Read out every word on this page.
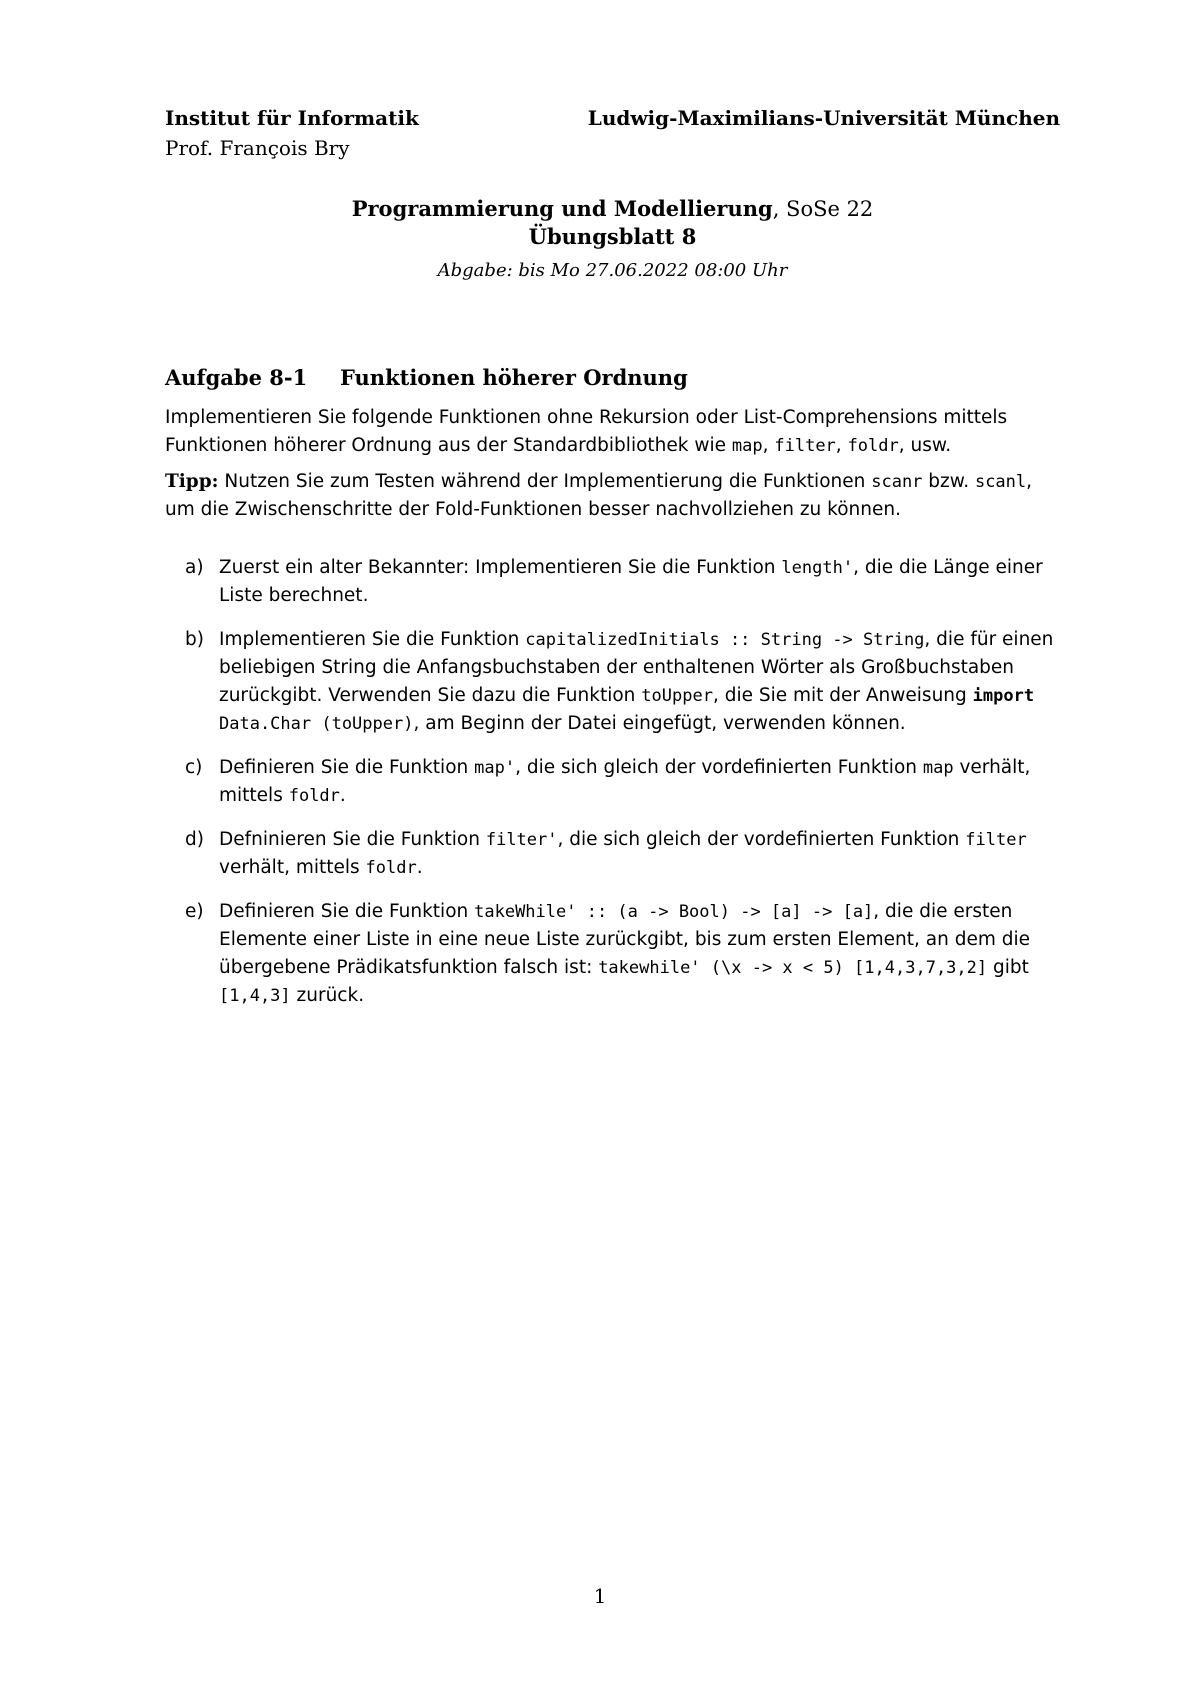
Institut für Informatik	Ludwig-Maximilians-Universität München
Prof. François Bry
Programmierung und Modellierung, SoSe 22
Übungsblatt 8
Abgabe: bis Mo 27.06.2022 08:00 Uhr
Aufgabe 8-1 Funktionen höherer Ordnung
Implementieren Sie folgende Funktionen ohne Rekursion oder List-Comprehensions mittels Funktionen höherer Ordnung aus der Standardbibliothek wie map, filter, foldr, usw.
Tipp: Nutzen Sie zum Testen während der Implementierung die Funktionen scanr bzw. scanl, um die Zwischenschritte der Fold-Funktionen besser nachvollziehen zu können.
a) Zuerst ein alter Bekannter: Implementieren Sie die Funktion length', die die Länge einer Liste berechnet.
b) Implementieren Sie die Funktion capitalizedInitials :: String -> String, die für einen beliebigen String die Anfangsbuchstaben der enthaltenen Wörter als Großbuchstaben zurückgibt. Verwenden Sie dazu die Funktion toUpper, die Sie mit der Anweisung import Data.Char (toUpper), am Beginn der Datei eingefügt, verwenden können.
c) Definieren Sie die Funktion map', die sich gleich der vordefinierten Funktion map verhält, mittels foldr.
d) Defninieren Sie die Funktion filter', die sich gleich der vordefinierten Funktion filter verhält, mittels foldr.
e) Definieren Sie die Funktion takeWhile' :: (a -> Bool) -> [a] -> [a], die die ersten Elemente einer Liste in eine neue Liste zurückgibt, bis zum ersten Element, an dem die übergebene Prädikatsfunktion falsch ist: takewhile' (\x -> x < 5) [1,4,3,7,3,2] gibt [1,4,3] zurück.
1
